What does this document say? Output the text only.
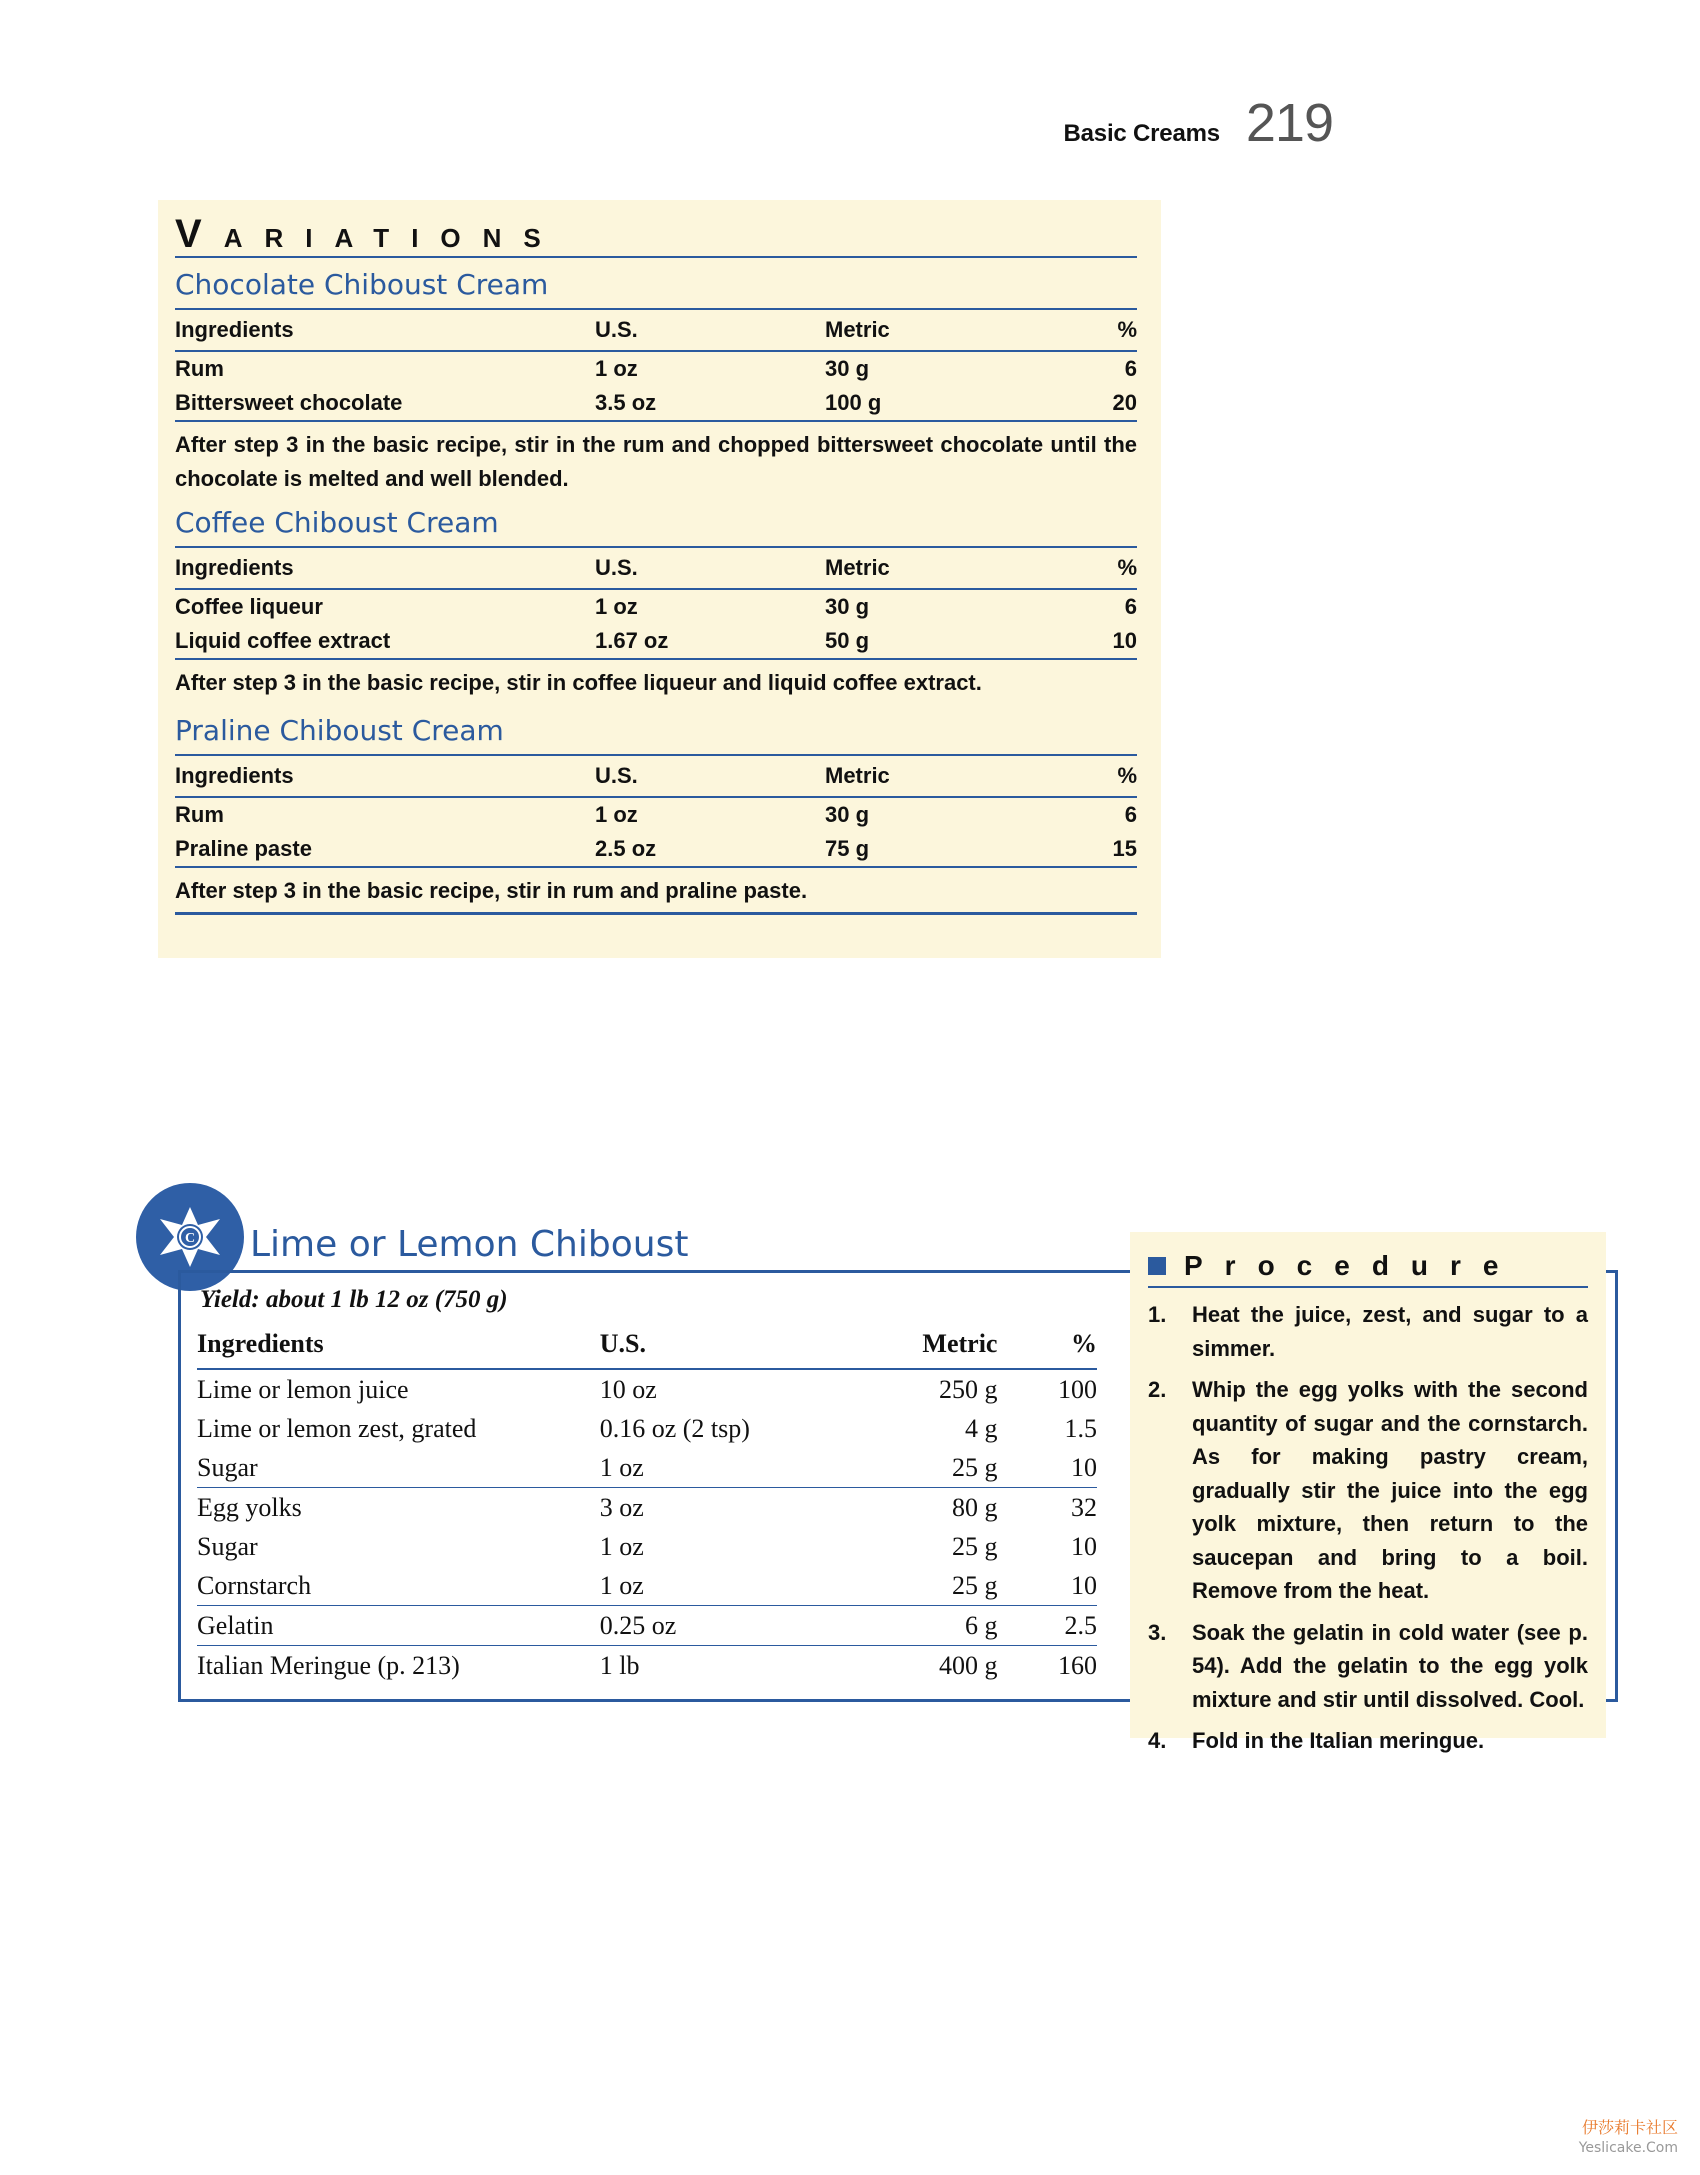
Basic Creams 219
VARIATIONS
Chocolate Chiboust Cream
Ingredients	U.S.	Metric	%
Rum	1 oz	30 g	6
Bittersweet chocolate	3.5 oz	100 g	20
After step 3 in the basic recipe, stir in the rum and chopped bittersweet chocolate until the chocolate is melted and well blended.
Coffee Chiboust Cream
Ingredients	U.S.	Metric	%
Coffee liqueur	1 oz	30 g	6
Liquid coffee extract	1.67 oz	50 g	10
After step 3 in the basic recipe, stir in coffee liqueur and liquid coffee extract.
Praline Chiboust Cream
Ingredients	U.S.	Metric	%
Rum	1 oz	30 g	6
Praline paste	2.5 oz	75 g	15
After step 3 in the basic recipe, stir in rum and praline paste.
C Lime or Lemon Chiboust
Yield: about 1 lb 12 oz (750 g)
Ingredients	U.S.	Metric	%
Lime or lemon juice	10 oz	250 g	100
Lime or lemon zest, grated	0.16 oz (2 tsp)	4 g	1.5
Sugar	1 oz	25 g	10
Egg yolks	3 oz	80 g	32
Sugar	1 oz	25 g	10
Cornstarch	1 oz	25 g	10
Gelatin	0.25 oz	6 g	2.5
Italian Meringue (p. 213)	1 lb	400 g	160
Procedure
1.	Heat the juice, zest, and sugar to a simmer.
2.	Whip the egg yolks with the second quantity of sugar and the cornstarch. As for making pastry cream, gradually stir the juice into the egg yolk mixture, then return to the saucepan and bring to a boil. Remove from the heat.
3.	Soak the gelatin in cold water (see p. 54). Add the gelatin to the egg yolk mixture and stir until dissolved. Cool.
4.	Fold in the Italian meringue.
伊莎莉卡社区
Yeslicake.Com
